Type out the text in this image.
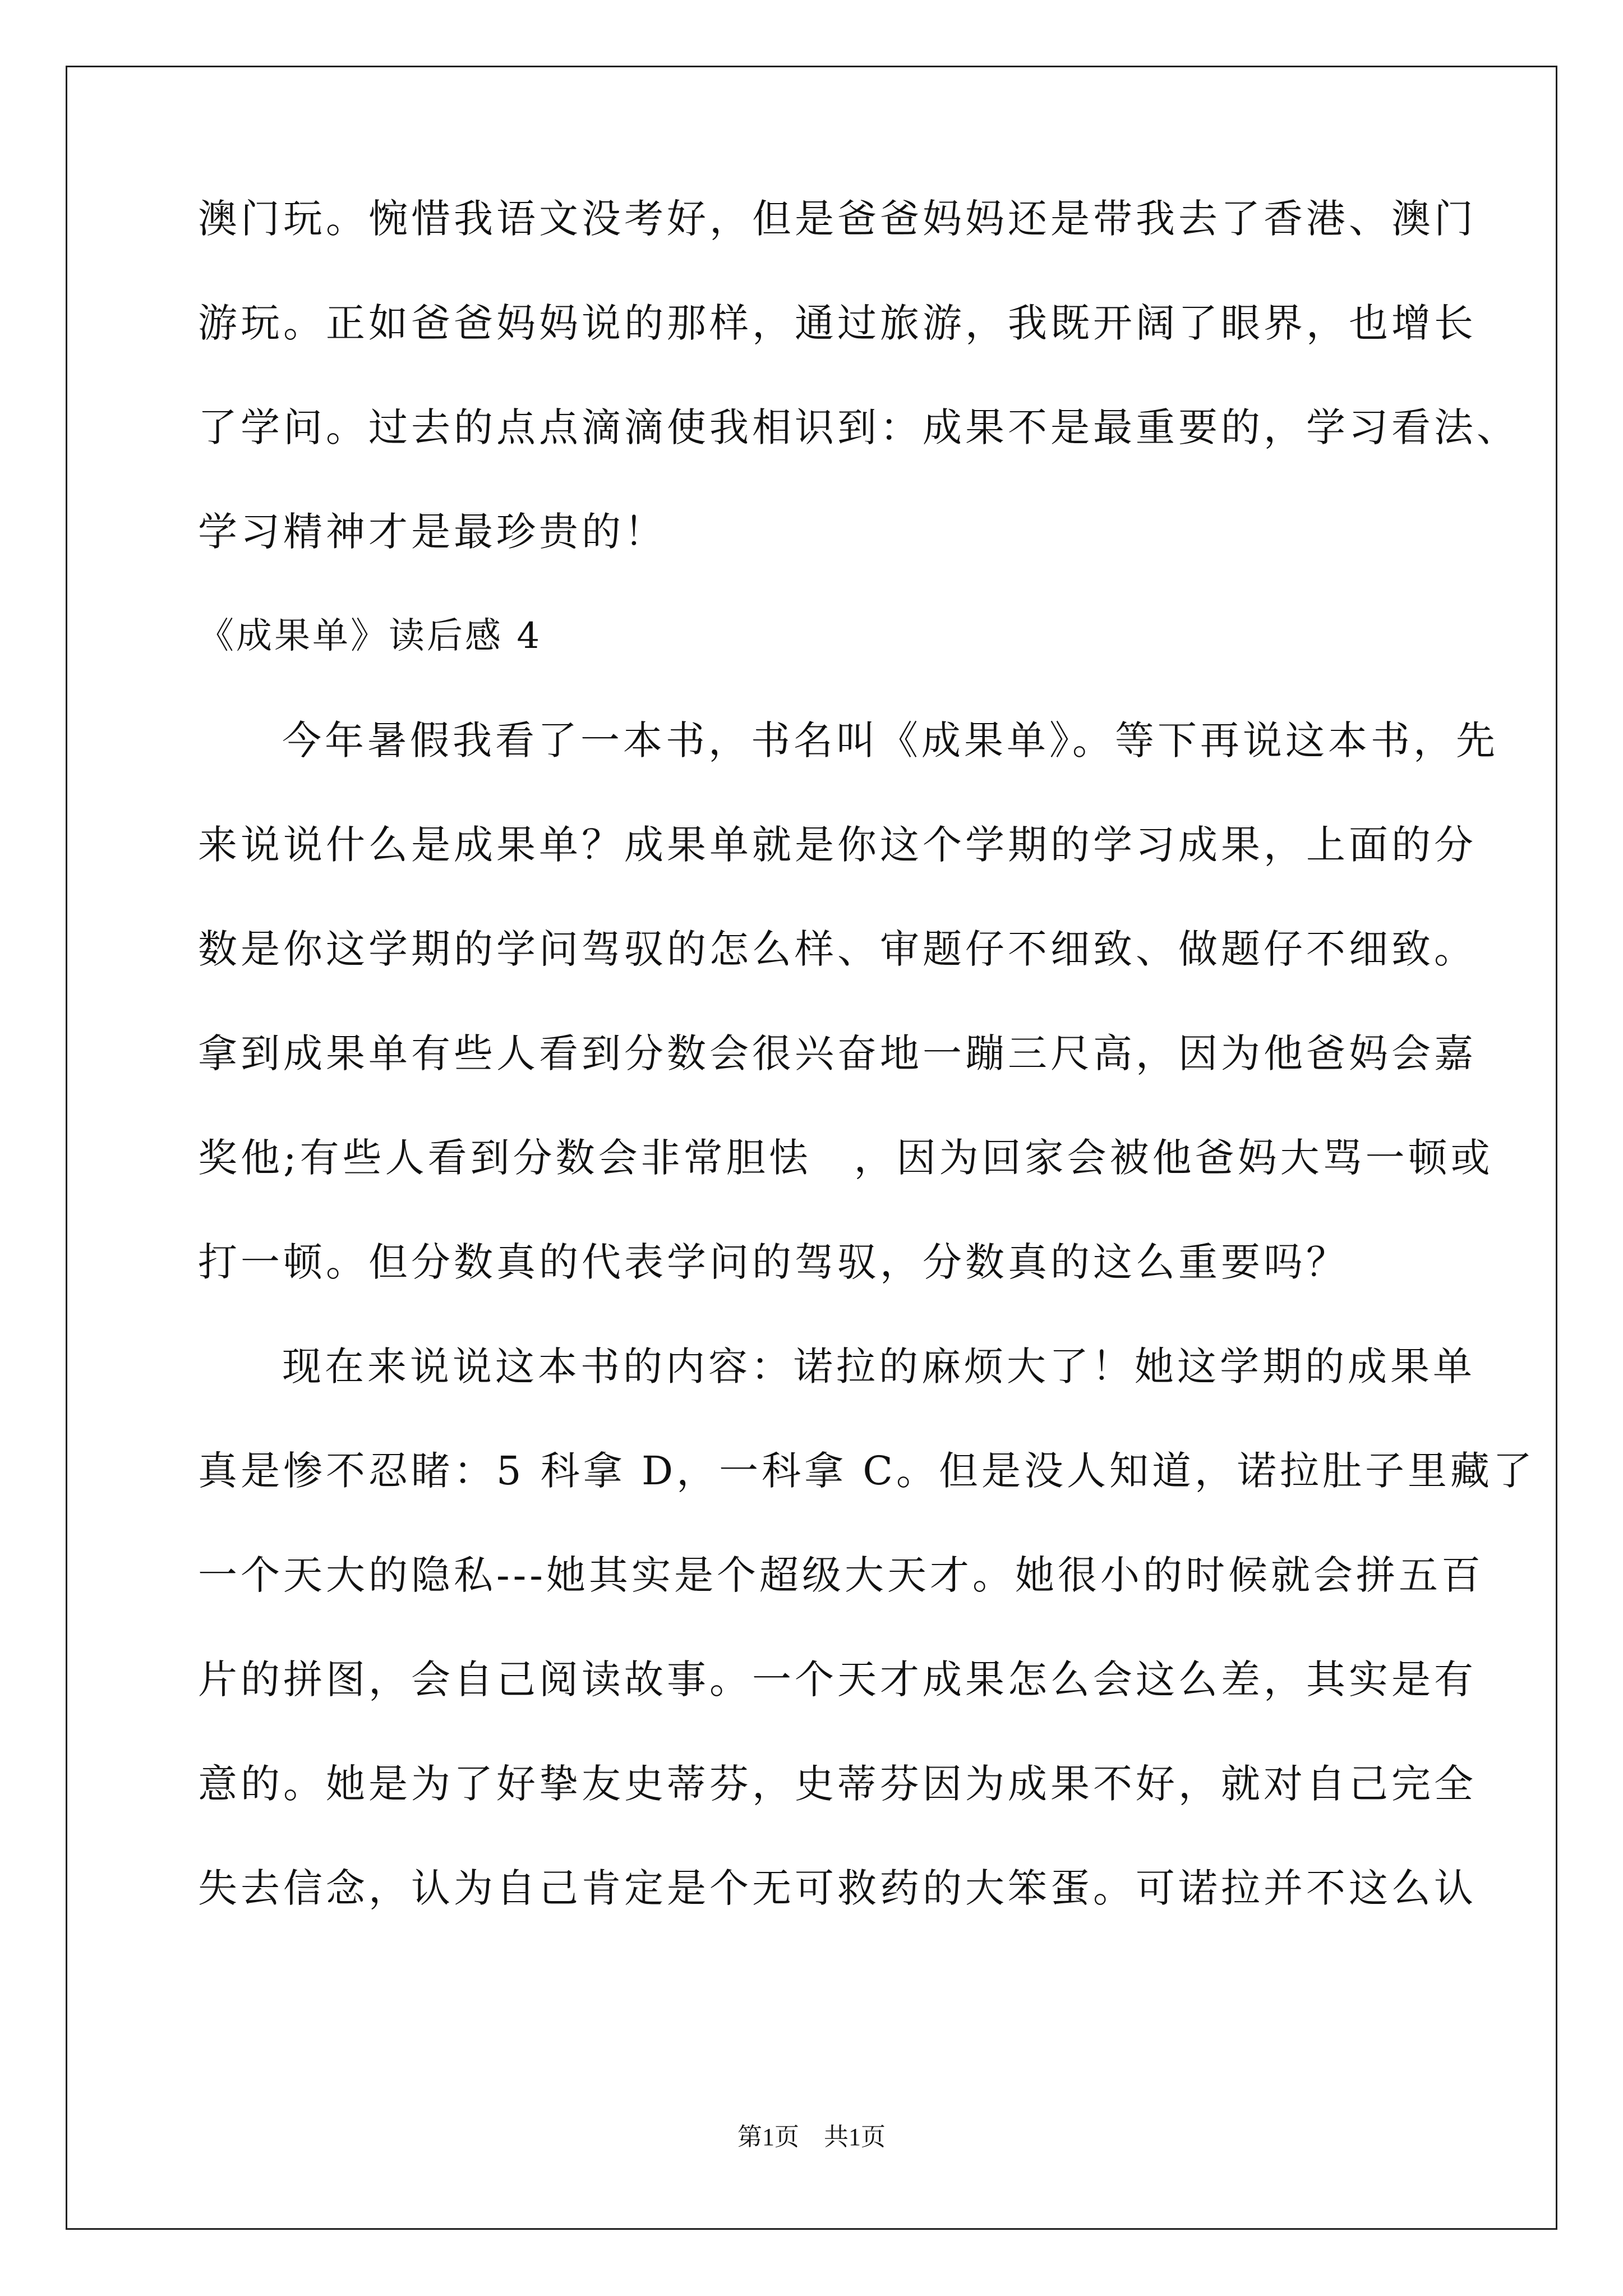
澳门玩。惋惜我语文没考好，但是爸爸妈妈还是带我去了香港、澳门
游玩。正如爸爸妈妈说的那样，通过旅游，我既开阔了眼界，也增长
了学问。过去的点点滴滴使我相识到：成果不是最重要的，学习看法、
学习精神才是最珍贵的！
《成果单》读后感 4
今年暑假我看了一本书，书名叫《成果单》。等下再说这本书，先
来说说什么是成果单？成果单就是你这个学期的学习成果，上面的分
数是你这学期的学问驾驭的怎么样、审题仔不细致、做题仔不细致。
拿到成果单有些人看到分数会很兴奋地一蹦三尺高，因为他爸妈会嘉
奖他;有些人看到分数会非常胆怯　，因为回家会被他爸妈大骂一顿或
打一顿。但分数真的代表学问的驾驭，分数真的这么重要吗？
现在来说说这本书的内容：诺拉的麻烦大了！她这学期的成果单
真是惨不忍睹：5 科拿 D，一科拿 C。但是没人知道，诺拉肚子里藏了
一个天大的隐私---她其实是个超级大天才。她很小的时候就会拼五百
片的拼图，会自己阅读故事。一个天才成果怎么会这么差，其实是有
意的。她是为了好挚友史蒂芬，史蒂芬因为成果不好，就对自己完全
失去信念，认为自己肯定是个无可救药的大笨蛋。可诺拉并不这么认
第1页　共1页
